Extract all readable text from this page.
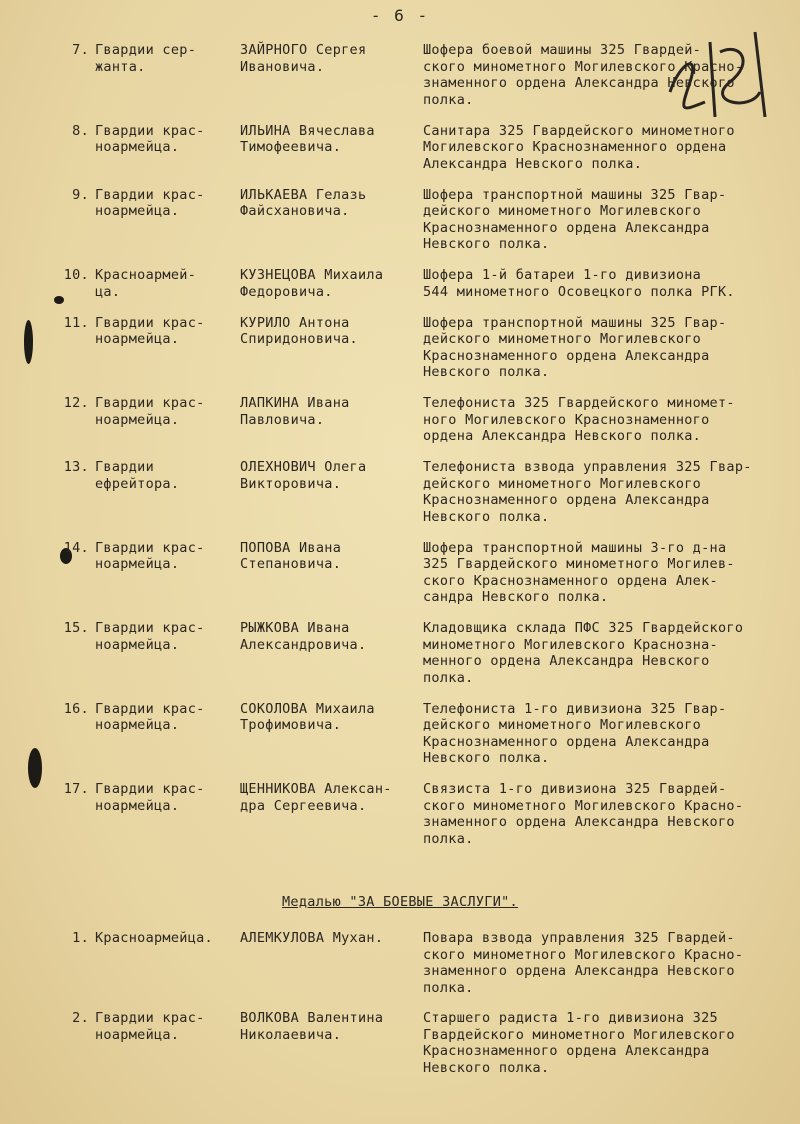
- 6 -
7. Гвардии сер-
жанта.
ЗАЙРНОГО Сергея
Ивановича.
Шофера боевой машины 325 Гвардей-
ского минометного Могилевского Красно-
знаменного ордена Александра Невского
полка.
8. Гвардии крас-
ноармейца.
ИЛЬИНА Вячеслава
Тимофеевича.
Санитара 325 Гвардейского минометного
Могилевского Краснознаменного ордена
Александра Невского полка.
9. Гвардии крас-
ноармейца.
ИЛЬКАЕВА Гелазь
Файсхановича.
Шофера транспортной машины 325 Гвар-
дейского минометного Могилевского
Краснознаменного ордена Александра
Невского полка.
10. Красноармей-
ца.
КУЗНЕЦОВА Михаила
Федоровича.
Шофера 1-й батареи 1-го дивизиона
544 минометного Осовецкого полка РГК.
11. Гвардии крас-
ноармейца.
КУРИЛО Антона
Спиридоновича.
Шофера транспортной машины 325 Гвар-
дейского минометного Могилевского
Краснознаменного ордена Александра
Невского полка.
12. Гвардии крас-
ноармейца.
ЛАПКИНА Ивана
Павловича.
Телефониста 325 Гвардейского миномет-
ного Могилевского Краснознаменного
ордена Александра Невского полка.
13. Гвардии
ефрейтора.
ОЛЕХНОВИЧ Олега
Викторовича.
Телефониста взвода управления 325 Гвар-
дейского минометного Могилевского
Краснознаменного ордена Александра
Невского полка.
14. Гвардии крас-
ноармейца.
ПОПОВА Ивана
Степановича.
Шофера транспортной машины 3-го д-на
325 Гвардейского минометного Могилев-
ского Краснознаменного ордена Алек-
сандра Невского полка.
15. Гвардии крас-
ноармейца.
РЫЖКОВА Ивана
Александровича.
Кладовщика склада ПФС 325 Гвардейского
минометного Могилевского Краснозна-
менного ордена Александра Невского
полка.
16. Гвардии крас-
ноармейца.
СОКОЛОВА Михаила
Трофимовича.
Телефониста 1-го дивизиона 325 Гвар-
дейского минометного Могилевского
Краснознаменного ордена Александра
Невского полка.
17. Гвардии крас-
ноармейца.
ЩЕННИКОВА Алексан-
дра Сергеевича.
Связиста 1-го дивизиона 325 Гвардей-
ского минометного Могилевского Красно-
знаменного ордена Александра Невского
полка.
Медалью "ЗА БОЕВЫЕ ЗАСЛУГИ".
1. Красноармейца.	АЛЕМКУЛОВА Мухан.	Повара взвода управления 325 Гвардей-
ского минометного Могилевского Красно-
знаменного ордена Александра Невского
полка.
2. Гвардии крас-
ноармейца.
ВОЛКОВА Валентина
Николаевича.
Старшего радиста 1-го дивизиона 325
Гвардейского минометного Могилевского
Краснознаменного ордена Александра
Невского полка.
